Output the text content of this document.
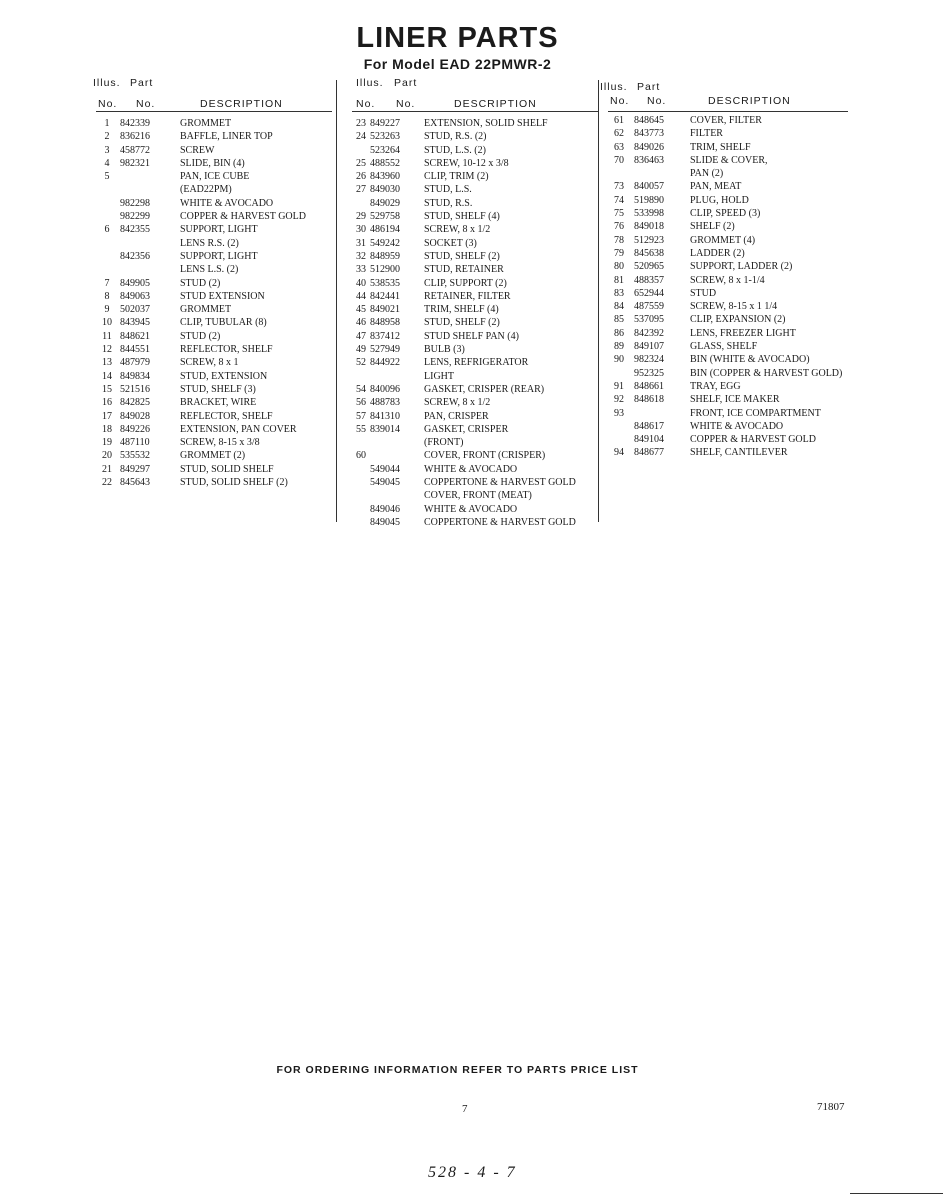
LINER PARTS
For Model EAD 22PMWR-2
Illus. Part
No. No.	DESCRIPTION
1	842339	GROMMET
2	836216	BAFFLE, LINER TOP
3	458772	SCREW
4	982321	SLIDE, BIN (4)
5	PAN, ICE CUBE
(EAD22PM)
982298	WHITE & AVOCADO
982299	COPPER & HARVEST GOLD
6	842355	SUPPORT, LIGHT
LENS R.S. (2)
842356	SUPPORT, LIGHT
LENS L.S. (2)
7	849905	STUD (2)
8	849063	STUD EXTENSION
9	502037	GROMMET
10 843945	CLIP, TUBULAR (8)
11 848621	STUD (2)
12 844551	REFLECTOR, SHELF
13 487979	SCREW, 8 x 1
14 849834	STUD, EXTENSION
15 521516	STUD, SHELF (3)
16 842825	BRACKET, WIRE
17 849028	REFLECTOR, SHELF
18 849226	EXTENSION, PAN COVER
19 487110	SCREW, 8-15 x 3/8
20 535532	GROMMET (2)
21 849297	STUD, SOLID SHELF
22 845643	STUD, SOLID SHELF (2)
Illus. Part
No. No.	DESCRIPTION
23 849227 EXTENSION, SOLID SHELF
24 523263 STUD, R.S. (2)
523264 STUD, L.S. (2)
25 488552 SCREW, 10-12 x 3/8
26 843960 CLIP, TRIM (2)
27 849030 STUD, L.S.
849029 STUD, R.S.
29 529758 STUD, SHELF (4)
30 486194 SCREW, 8 x 1/2
31 549242 SOCKET (3)
32 848959 STUD, SHELF (2)
33 512900 STUD, RETAINER
40 538535 CLIP, SUPPORT (2)
44 842441 RETAINER, FILTER
45 849021 TRIM, SHELF (4)
46 848958 STUD, SHELF (2)
47 837412 STUD SHELF PAN (4)
49 527949 BULB (3)
52 844922 LENS, REFRIGERATOR
LIGHT
54 840096 GASKET, CRISPER (REAR)
56 488783 SCREW, 8 x 1/2
57 841310 PAN, CRISPER
55 839014 GASKET, CRISPER
(FRONT)
60	COVER, FRONT (CRISPER)
549044 WHITE & AVOCADO
549045 COPPERTONE & HARVEST GOLD
COVER, FRONT (MEAT)
849046 WHITE & AVOCADO
849045 COPPERTONE & HARVEST GOLD
Illus. Part
No. No.	DESCRIPTION
61	848645	COVER, FILTER
62	843773	FILTER
63	849026	TRIM, SHELF
70	836463	SLIDE & COVER,
PAN (2)
73	840057	PAN, MEAT
74	519890	PLUG, HOLD
75	533998	CLIP, SPEED (3)
76	849018	SHELF (2)
78	512923	GROMMET (4)
79	845638	LADDER (2)
80	520965	SUPPORT, LADDER (2)
81	488357	SCREW, 8 x 1-1/4
83	652944	STUD
84	487559	SCREW, 8-15 x 1 1/4
85	537095	CLIP, EXPANSION (2)
86	842392	LENS, FREEZER LIGHT
89	849107	GLASS, SHELF
90	982324	BIN (WHITE & AVOCADO)
952325	BIN (COPPER & HARVEST GOLD)
91	848661	TRAY, EGG
92	848618	SHELF, ICE MAKER
93	FRONT, ICE COMPARTMENT
848617	WHITE & AVOCADO
849104	COPPER & HARVEST GOLD
94	848677	SHELF, CANTILEVER
FOR ORDERING INFORMATION REFER TO PARTS PRICE LIST
7	71807
528 - 4 - 7
